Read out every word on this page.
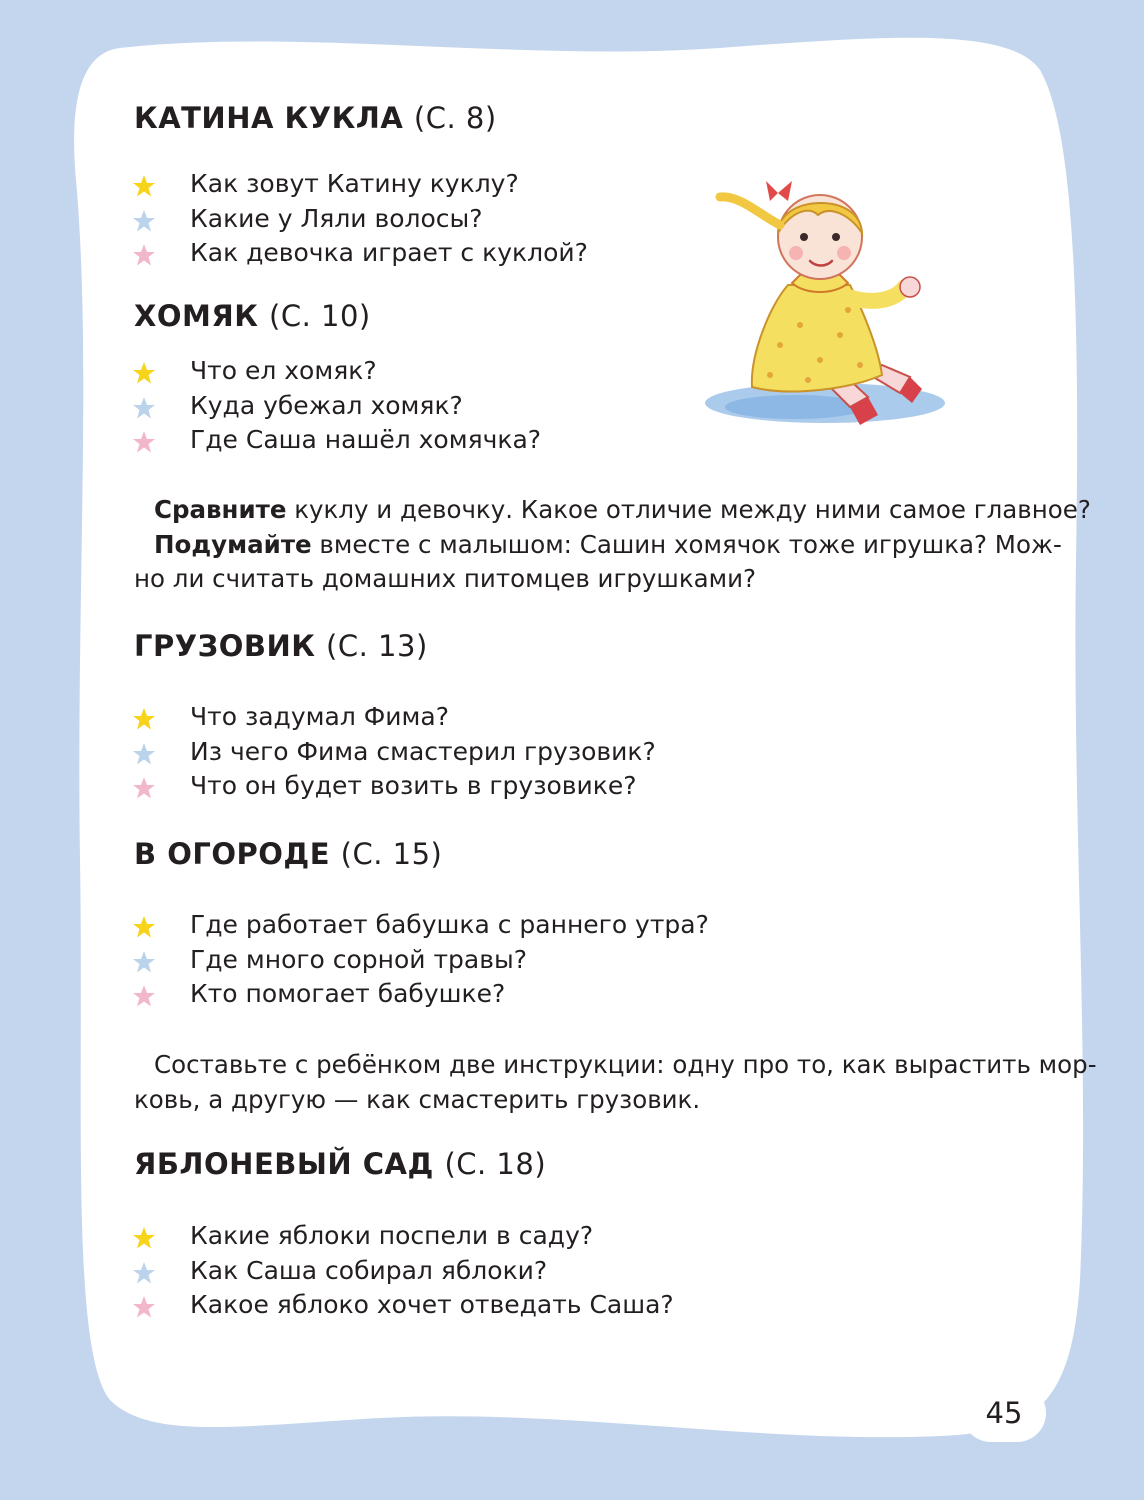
КАТИНА КУКЛА (С. 8)
Как зовут Катину куклу?
Какие у Ляли волосы?
Как девочка играет с куклой?
ХОМЯК (С. 10)
Что ел хомяк?
Куда убежал хомяк?
Где Саша нашёл хомячка?

Сравните куклу и девочку. Какое отличие между ними самое главное?
Подумайте вместе с малышом: Сашин хомячок тоже игрушка? Мож-
но ли считать домашних питомцев игрушками?

ГРУЗОВИК (С. 13)
Что задумал Фима?
Из чего Фима смастерил грузовик?
Что он будет возить в грузовике?
В ОГОРОДЕ (С. 15)
Где работает бабушка с раннего утра?
Где много сорной травы?
Кто помогает бабушке?

Составьте с ребёнком две инструкции: одну про то, как вырастить мор-
ковь, а другую — как смастерить грузовик.

ЯБЛОНЕВЫЙ САД (С. 18)
Какие яблоки поспели в саду?
Как Саша собирал яблоки?
Какое яблоко хочет отведать Саша?
45
